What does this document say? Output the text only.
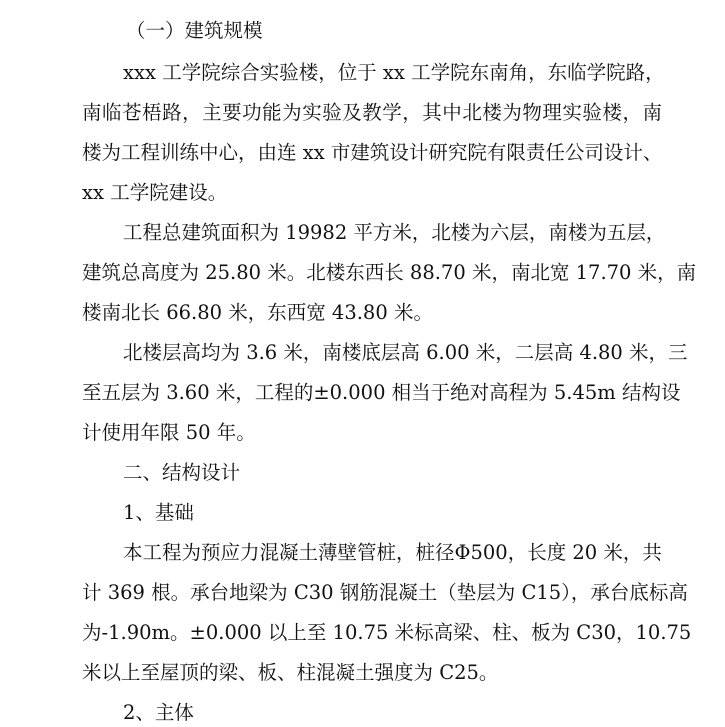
（一）建筑规模
xxx 工学院综合实验楼，位于 xx 工学院东南角，东临学院路，
南临苍梧路，主要功能为实验及教学，其中北楼为物理实验楼，南
楼为工程训练中心，由连 xx 市建筑设计研究院有限责任公司设计、
xx 工学院建设。
工程总建筑面积为 19982 平方米，北楼为六层，南楼为五层，
建筑总高度为 25.80 米。北楼东西长 88.70 米，南北宽 17.70 米，南
楼南北长 66.80 米，东西宽 43.80 米。
北楼层高均为 3.6 米，南楼底层高 6.00 米，二层高 4.80 米，三
至五层为 3.60 米，工程的±0.000 相当于绝对高程为 5.45m 结构设
计使用年限 50 年。
二、结构设计
1、基础
本工程为预应力混凝土薄壁管桩，桩径Φ500，长度 20 米，共
计 369 根。承台地梁为 C30 钢筋混凝土（垫层为 C15），承台底标高
为-1.90m。±0.000 以上至 10.75 米标高梁、柱、板为 C30，10.75
米以上至屋顶的梁、板、柱混凝土强度为 C25。
2、主体
